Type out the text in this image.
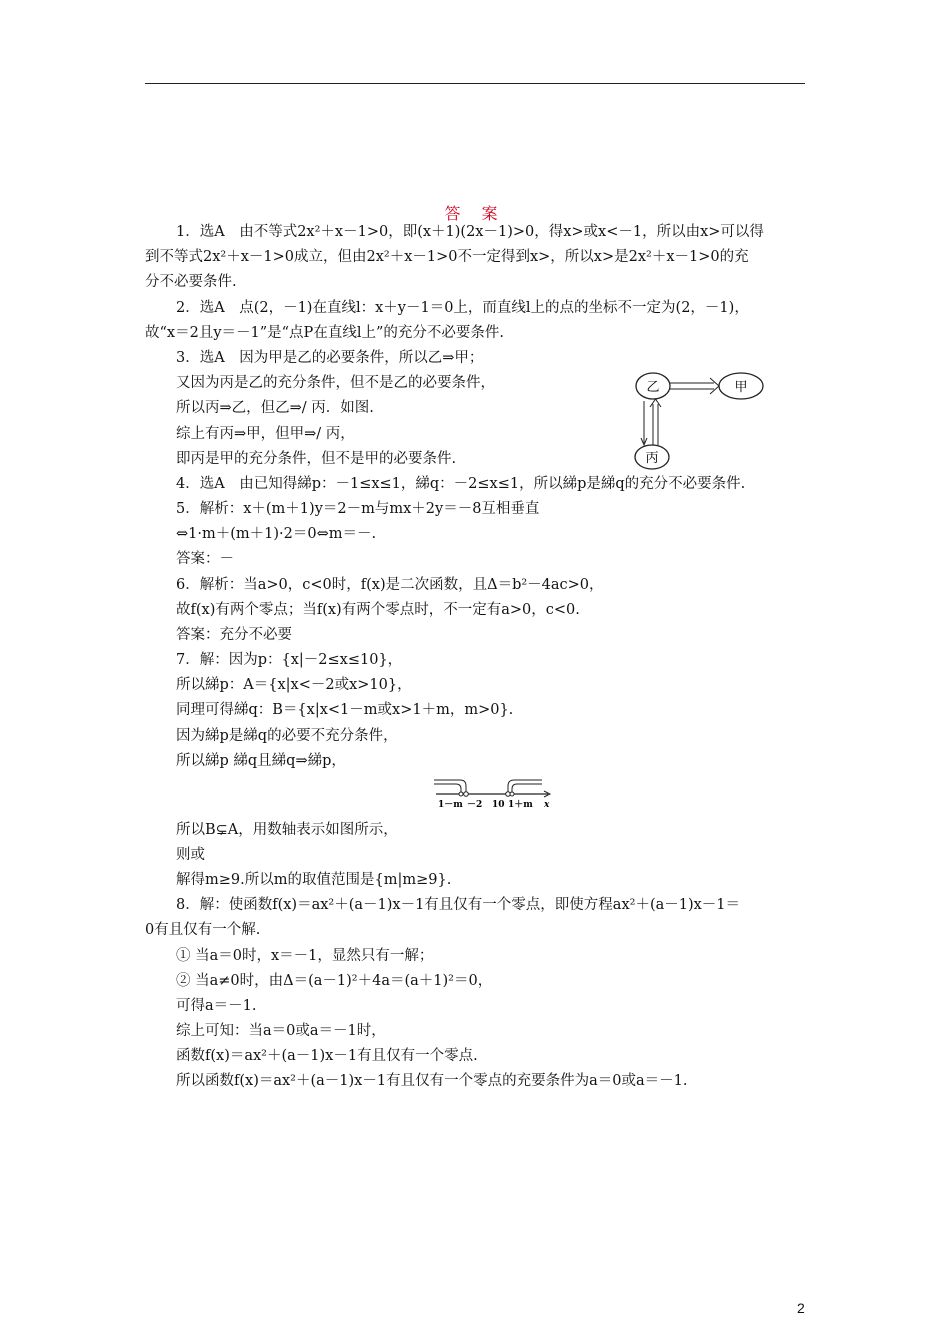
答 案
1．选A　由不等式2x²＋x－1>0，即(x＋1)(2x－1)>0，得x>或x<－1，所以由x>可以得
到不等式2x²＋x－1>0成立，但由2x²＋x－1>0不一定得到x>，所以x>是2x²＋x－1>0的充
分不必要条件.
2．选A　点(2，－1)在直线l：x＋y－1＝0上，而直线l上的点的坐标不一定为(2，－1)，
故“x＝2且y＝－1”是“点P在直线l上”的充分不必要条件.
3．选A　因为甲是乙的必要条件，所以乙⇒甲；
又因为丙是乙的充分条件，但不是乙的必要条件，
所以丙⇒乙，但乙⇒/ 丙．如图.
综上有丙⇒甲，但甲⇒/ 丙，
即丙是甲的充分条件，但不是甲的必要条件.
4．选A　由已知得綈p：－1≤x≤1，綈q：－2≤x≤1，所以綈p是綈q的充分不必要条件.
5．解析：x＋(m＋1)y＝2－m与mx＋2y＝－8互相垂直
⇔1·m＋(m＋1)·2＝0⇔m＝－.
答案：－
6．解析：当a>0，c<0时，f(x)是二次函数，且Δ＝b²－4ac>0，
故f(x)有两个零点；当f(x)有两个零点时，不一定有a>0，c<0.
答案：充分不必要
7．解：因为p：{x|－2≤x≤10}，
所以綈p：A＝{x|x<－2或x>10}，
同理可得綈q：B＝{x|x<1－m或x>1＋m，m>0}.
因为綈p是綈q的必要不充分条件，
所以綈p 綈q且綈q⇒綈p，
所以B⊊A，用数轴表示如图所示，
则或
解得m≥9.所以m的取值范围是{m|m≥9}.
8．解：使函数f(x)＝ax²＋(a－1)x－1有且仅有一个零点，即使方程ax²＋(a－1)x－1＝
0有且仅有一个解.
① 当a＝0时，x＝－1，显然只有一解；
② 当a≠0时，由Δ＝(a－1)²＋4a＝(a＋1)²＝0，
可得a＝－1.
综上可知：当a＝0或a＝－1时，
函数f(x)＝ax²＋(a－1)x－1有且仅有一个零点.
所以函数f(x)＝ax²＋(a－1)x－1有且仅有一个零点的充要条件为a＝0或a＝－1.
乙	甲
丙
1－m －2 10 1＋m x
2
